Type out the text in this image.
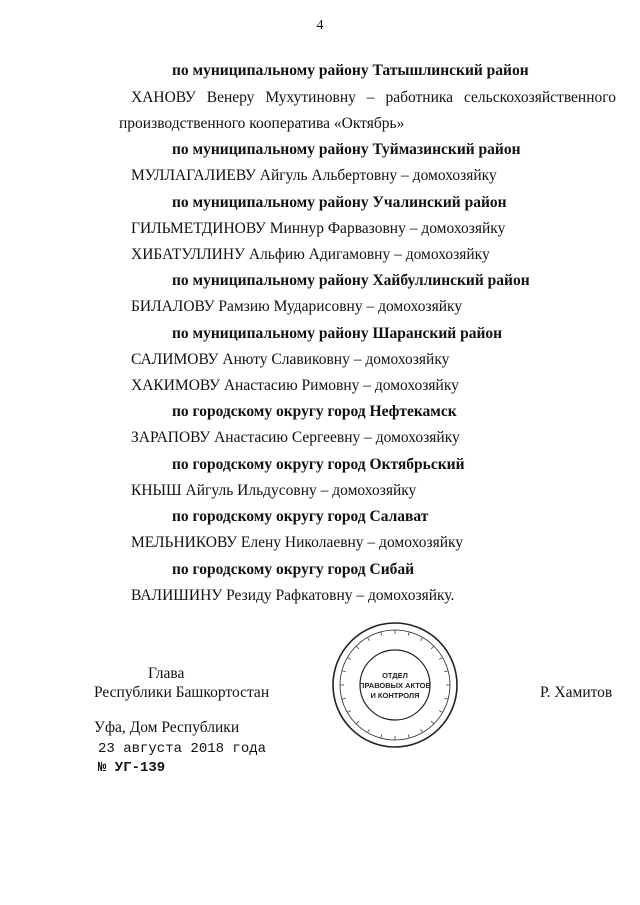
4
по муниципальному району Татышлинский район
ХАНОВУ Венеру Мухутиновну – работника сельскохозяйственного
производственного кооператива «Октябрь»
по муниципальному району Туймазинский район
МУЛЛАГАЛИЕВУ Айгуль Альбертовну – домохозяйку
по муниципальному району Учалинский район
ГИЛЬМЕТДИНОВУ Миннур Фарвазовну – домохозяйку
ХИБАТУЛЛИНУ Альфию Адигамовну – домохозяйку
по муниципальному району Хайбуллинский район
БИЛАЛОВУ Рамзию Мударисовну – домохозяйку
по муниципальному району Шаранский район
САЛИМОВУ Анюту Славиковну – домохозяйку
ХАКИМОВУ Анастасию Римовну – домохозяйку
по городскому округу город Нефтекамск
ЗАРАПОВУ Анастасию Сергеевну – домохозяйку
по городскому округу город Октябрьский
КНЫШ Айгуль Ильдусовну – домохозяйку
по городскому округу город Салават
МЕЛЬНИКОВУ Елену Николаевну – домохозяйку
по городскому округу город Сибай
ВАЛИШИНУ Резиду Рафкатовну – домохозяйку.
Глава
Республики Башкортостан	Р. Хамитов
ОТДЕЛ
ПРАВОВЫХ АКТОВ
И КОНТРОЛЯ
Уфа, Дом Республики
23 августа 2018 года
№ УГ-139
